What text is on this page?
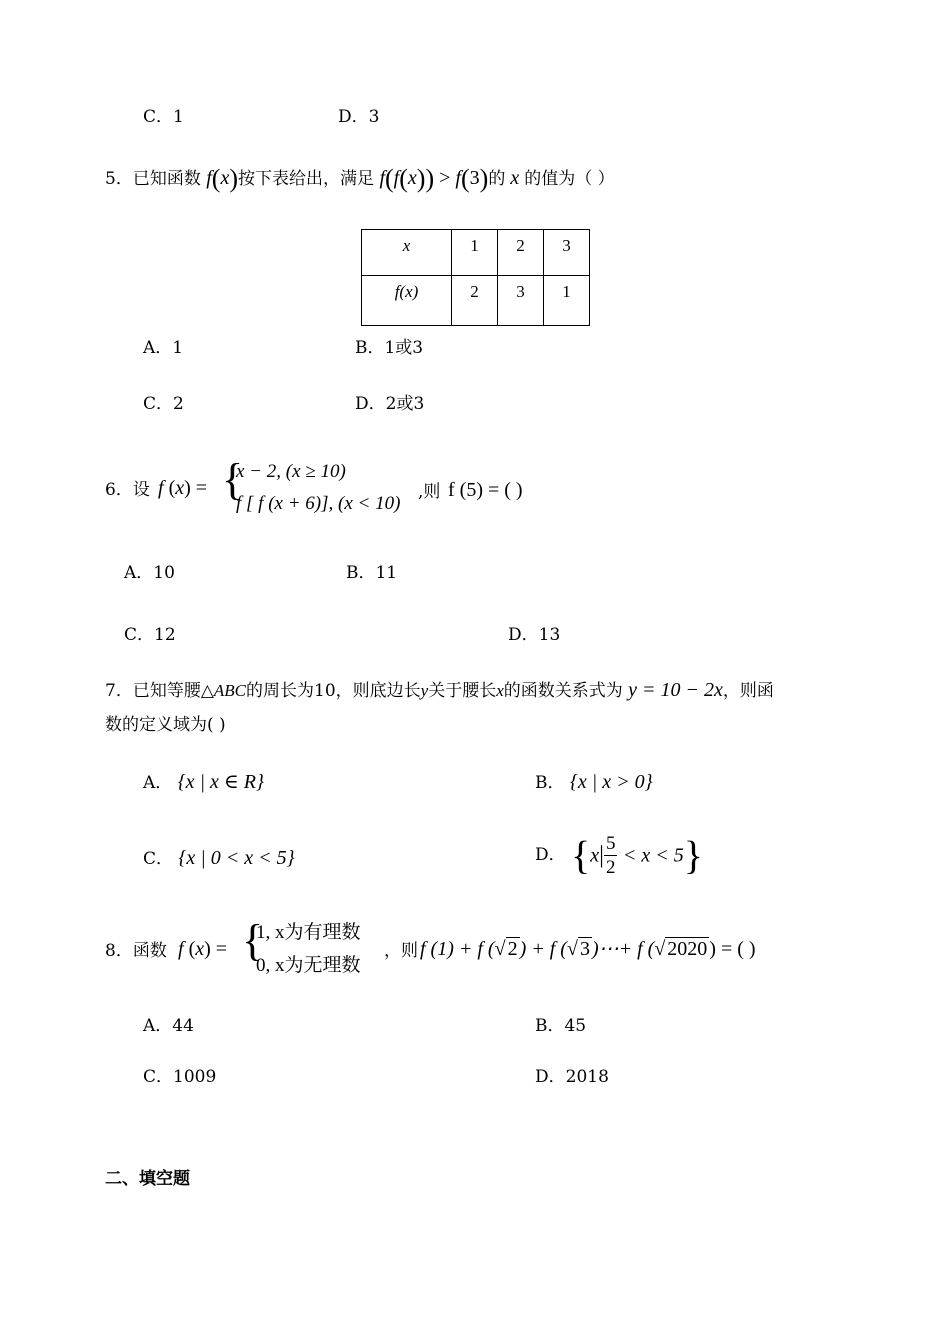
C．1	D．3
5．已知函数 f(x)按下表给出，满足 f(f(x)) > f(3)的 x 的值为（ ）
x	1	2	3
f(x)	2	3	1
A．1	B．1或3
C．2	D．2或3
6．设 f (x) = {
x − 2, (x ≥ 10)
f [ f (x + 6)], (x < 10)
,则 f (5) = ( )
A．10	B．11
C．12	D．13
7．已知等腰△ABC的周长为10，则底边长y关于腰长x的函数关系式为 y = 10 − 2x，则函
数的定义域为( )
A． {x | x ∈ R}	B． {x | x > 0}
C． {x | 0 < x < 5}	D． $\{x| \frac{5}{2} < x < 5\}$
8．函数 f (x) = {
1, x为有理数
0, x为无理数
，则 f (1) + f (√ 2 ) + f (√ 3 )⋯+ f (√ 2020 ) = ( )
A．44	B．45
C．1009	D．2018
二、填空题
